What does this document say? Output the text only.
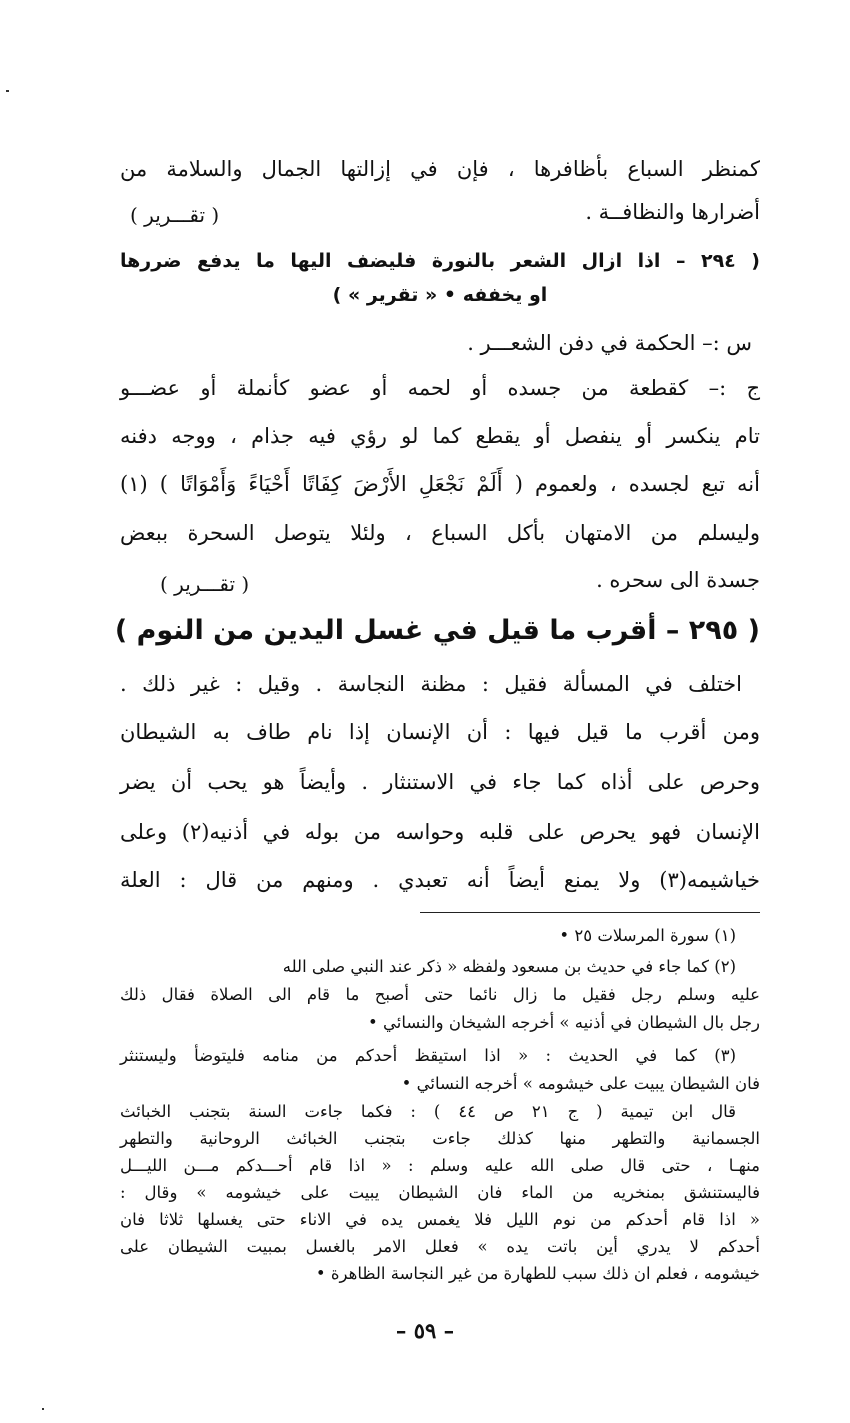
كمنظر السباع بأظافرها ، فإن في إزالتها الجمال والسلامة من
أضرارها والنظافــة .
( تقـــرير )
( ٢٩٤ – اذا ازال الشعر بالنورة فليضف اليها ما يدفع ضررها
او يخففه • « تقرير » )
س :– الحكمة في دفن الشعـــر .
ج :– كقطعة من جسده أو لحمه أو عضو كأنملة أو عضـــو
تام ينكسر أو ينفصل أو يقطع كما لو رؤي فيه جذام ، ووجه دفنه
أنه تبع لجسده ، ولعموم ( أَلَمْ نَجْعَلِ الأَرْضَ كِفَاتًا أَحْيَاءً وَأَمْوَاتًا ) (١)
وليسلم من الامتهان بأكل السباع ، ولئلا يتوصل السحرة ببعض
جسدة الى سحره .
( تقـــرير )
( ٢٩٥ – أقرب ما قيل في غسل اليدين من النوم )
اختلف في المسألة فقيل : مظنة النجاسة . وقيل : غير ذلك .
ومن أقرب ما قيل فيها : أن الإنسان إذا نام طاف به الشيطان
وحرص على أذاه كما جاء في الاستنثار . وأيضاً هو يحب أن يضر
الإنسان فهو يحرص على قلبه وحواسه من بوله في أذنيه(٢) وعلى
خياشيمه(٣) ولا يمنع أيضاً أنه تعبدي . ومنهم من قال : العلة
(١) سورة المرسلات ٢٥ •
(٢) كما جاء في حديث بن مسعود ولفظه « ذكر عند النبي صلى الله
عليه وسلم رجل فقيل ما زال نائما حتى أصبح ما قام الى الصلاة فقال ذلك
رجل بال الشيطان في أذنيه » أخرجه الشيخان والنسائي •
(٣) كما في الحديث : « اذا استيقظ أحدكم من منامه فليتوضأ وليستنثر
فان الشيطان يبيت على خيشومه » أخرجه النسائي •
قال ابن تيمية ( ج ٢١ ص ٤٤ ) : فكما جاءت السنة بتجنب الخبائث
الجسمانية والتطهر منها كذلك جاءت بتجنب الخبائث الروحانية والتطهر
منهـا ، حتى قال صلى الله عليه وسلم : « اذا قام أحـــدكم مـــن الليـــل
فاليستنشق بمنخريه من الماء فان الشيطان يبيت على خيشومه » وقال :
« اذا قام أحدكم من نوم الليل فلا يغمس يده في الاناء حتى يغسلها ثلاثا فان
أحدكم لا يدري أين باتت يده » فعلل الامر بالغسل بمبيت الشيطان على
خيشومه ، فعلم ان ذلك سبب للطهارة من غير النجاسة الظاهرة •
– ٥٩ –
